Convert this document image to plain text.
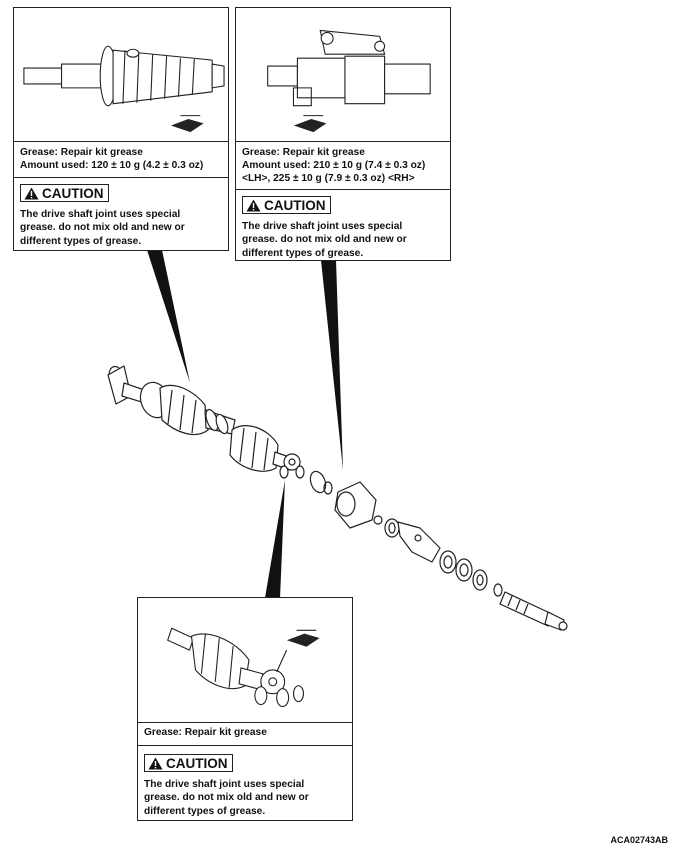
Grease: Repair kit grease
Amount used: 120 ± 10 g (4.2 ± 0.3 oz)
CAUTION
The drive shaft joint uses special
grease. do not mix old and new or
different types of grease.
Grease: Repair kit grease
Amount used: 210 ± 10 g (7.4 ± 0.3 oz)
<LH>, 225 ± 10 g (7.9 ± 0.3 oz) <RH>
CAUTION
The drive shaft joint uses special
grease. do not mix old and new or
different types of grease.
Grease: Repair kit grease
CAUTION
The drive shaft joint uses special
grease. do not mix old and new or
different types of grease.
ACA02743AB
